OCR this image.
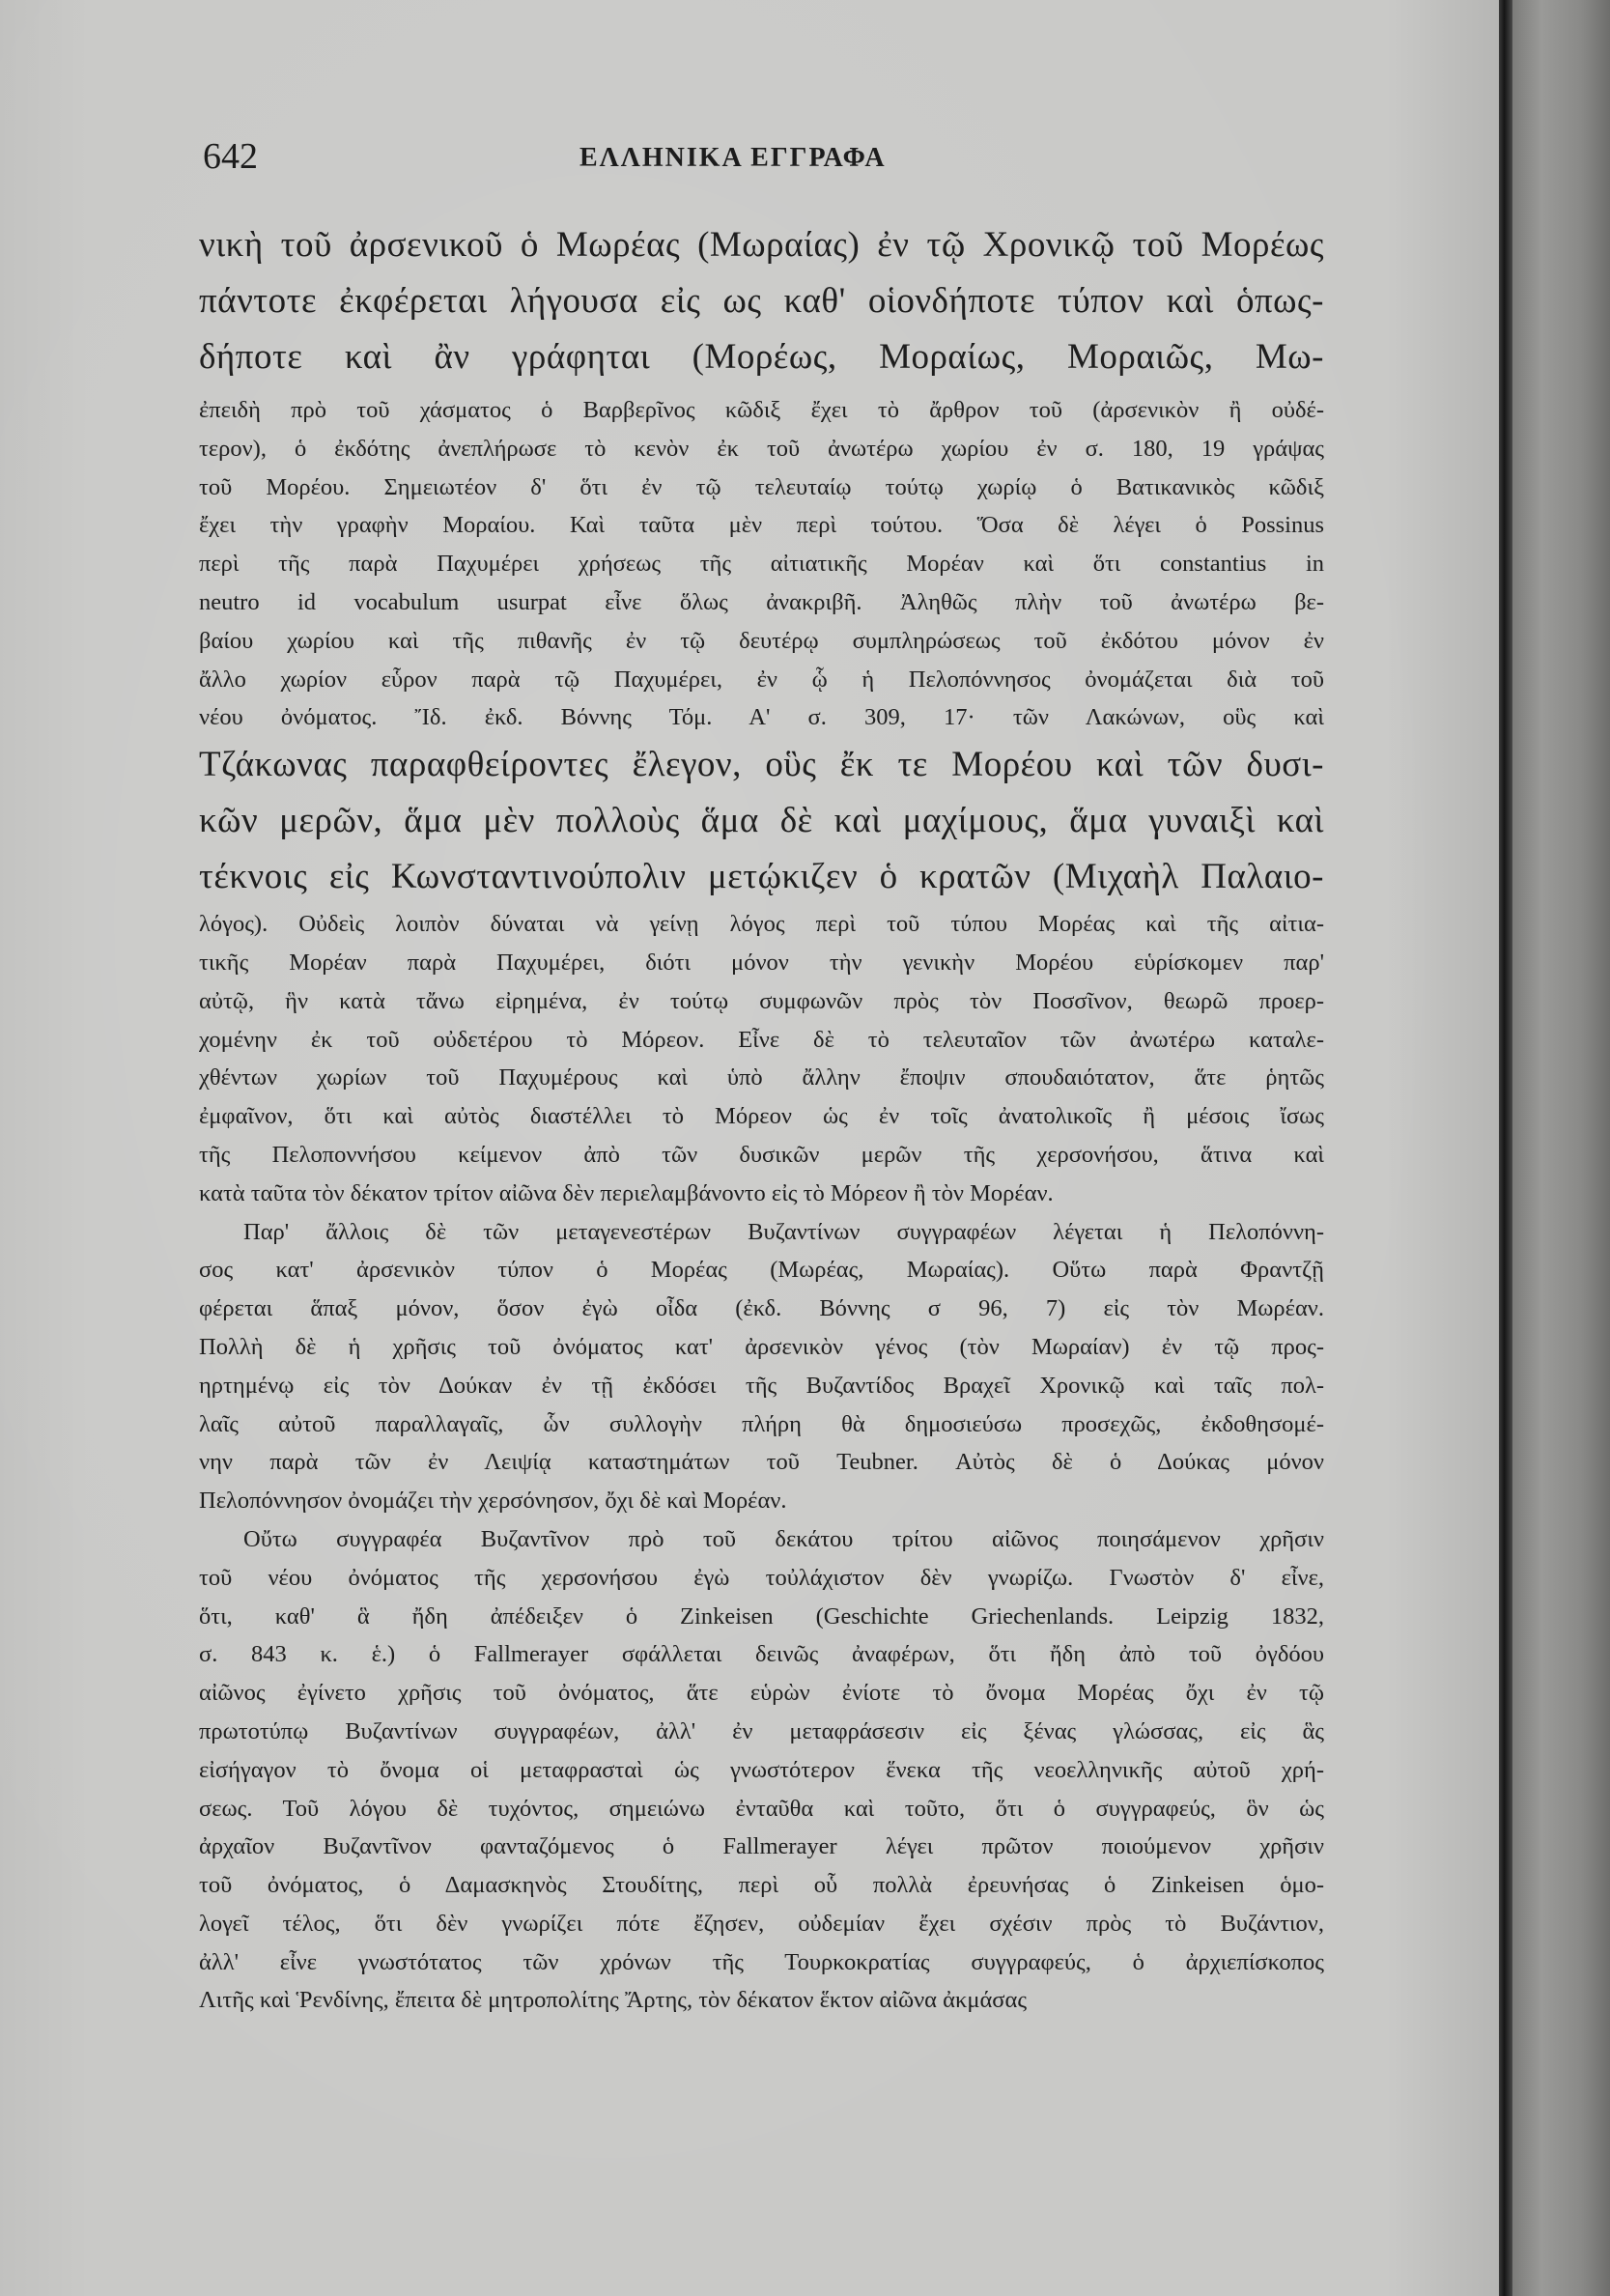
642	ΕΛΛΗΝΙΚΑ ΕΓΓΡΑΦΑ
νικὴ τοῦ ἀρσενικοῦ ὁ Μωρέας (Μωραίας) ἐν τῷ Χρονικῷ τοῦ Μορέως
πάντοτε ἐκφέρεται λήγουσα εἰς ως καθ' οἱονδήποτε τύπον καὶ ὁπως-
δήποτε καὶ ἂν γράφηται (Μορέως, Μοραίως, Μοραιῶς, Μω-
ἐπειδὴ πρὸ τοῦ χάσματος ὁ Βαρβερῖνος κῶδιξ ἔχει τὸ ἄρθρον τοῦ (ἀρσενικὸν ἢ οὐδέ-
τερον), ὁ ἐκδότης ἀνεπλήρωσε τὸ κενὸν ἐκ τοῦ ἀνωτέρω χωρίου ἐν σ. 180, 19 γράψας
τοῦ Μορέου. Σημειωτέον δ' ὅτι ἐν τῷ τελευταίῳ τούτῳ χωρίῳ ὁ Βατικανικὸς κῶδιξ
ἔχει τὴν γραφὴν Μοραίου. Καὶ ταῦτα μὲν περὶ τούτου. Ὅσα δὲ λέγει ὁ Possinus
περὶ τῆς παρὰ Παχυμέρει χρήσεως τῆς αἰτιατικῆς Μορέαν καὶ ὅτι constantius in
neutro id vocabulum usurpat εἶνε ὅλως ἀνακριβῆ. Ἀληθῶς πλὴν τοῦ ἀνωτέρω βε-
βαίου χωρίου καὶ τῆς πιθανῆς ἐν τῷ δευτέρῳ συμπληρώσεως τοῦ ἐκδότου μόνον ἐν
ἄλλο χωρίον εὗρον παρὰ τῷ Παχυμέρει, ἐν ᾧ ἡ Πελοπόννησος ὀνομάζεται διὰ τοῦ
νέου ὀνόματος. Ἴδ. ἐκδ. Βόννης Τόμ. Α' σ. 309, 17· τῶν Λακώνων, οὓς καὶ
Τζάκωνας παραφθείροντες ἔλεγον, οὓς ἔκ τε Μορέου καὶ τῶν δυσι-
κῶν μερῶν, ἅμα μὲν πολλοὺς ἅμα δὲ καὶ μαχίμους, ἅμα γυναιξὶ καὶ
τέκνοις εἰς Κωνσταντινούπολιν μετῴκιζεν ὁ κρατῶν (Μιχαὴλ Παλαιο-
λόγος). Οὐδεὶς λοιπὸν δύναται νὰ γείνῃ λόγος περὶ τοῦ τύπου Μορέας καὶ τῆς αἰτια-
τικῆς Μορέαν παρὰ Παχυμέρει, διότι μόνον τὴν γενικὴν Μορέου εὑρίσκομεν παρ'
αὐτῷ, ἣν κατὰ τἄνω εἰρημένα, ἐν τούτῳ συμφωνῶν πρὸς τὸν Ποσσῖνον, θεωρῶ προερ-
χομένην ἐκ τοῦ οὐδετέρου τὸ Μόρεον. Εἶνε δὲ τὸ τελευταῖον τῶν ἀνωτέρω καταλε-
χθέντων χωρίων τοῦ Παχυμέρους καὶ ὑπὸ ἄλλην ἔποψιν σπουδαιότατον, ἅτε ῥητῶς
ἐμφαῖνον, ὅτι καὶ αὐτὸς διαστέλλει τὸ Μόρεον ὡς ἐν τοῖς ἀνατολικοῖς ἢ μέσοις ἴσως
τῆς Πελοποννήσου κείμενον ἀπὸ τῶν δυσικῶν μερῶν τῆς χερσονήσου, ἅτινα καὶ
κατὰ ταῦτα τὸν δέκατον τρίτον αἰῶνα δὲν περιελαμβάνοντο εἰς τὸ Μόρεον ἢ τὸν Μορέαν.
Παρ' ἄλλοις δὲ τῶν μεταγενεστέρων Βυζαντίνων συγγραφέων λέγεται ἡ Πελοπόννη-
σος κατ' ἀρσενικὸν τύπον ὁ Μορέας (Μωρέας, Μωραίας). Οὕτω παρὰ Φραντζῇ
φέρεται ἅπαξ μόνον, ὅσον ἐγὼ οἶδα (ἐκδ. Βόννης σ 96, 7) εἰς τὸν Μωρέαν.
Πολλὴ δὲ ἡ χρῆσις τοῦ ὀνόματος κατ' ἀρσενικὸν γένος (τὸν Μωραίαν) ἐν τῷ προς-
ηρτημένῳ εἰς τὸν Δούκαν ἐν τῇ ἐκδόσει τῆς Βυζαντίδος Βραχεῖ Χρονικῷ καὶ ταῖς πολ-
λαῖς αὐτοῦ παραλλαγαῖς, ὧν συλλογὴν πλήρη θὰ δημοσιεύσω προσεχῶς, ἐκδοθησομέ-
νην παρὰ τῶν ἐν Λειψίᾳ καταστημάτων τοῦ Teubner. Αὐτὸς δὲ ὁ Δούκας μόνον
Πελοπόννησον ὀνομάζει τὴν χερσόνησον, ὄχι δὲ καὶ Μορέαν.
Οὔτω συγγραφέα Βυζαντῖνον πρὸ τοῦ δεκάτου τρίτου αἰῶνος ποιησάμενον χρῆσιν
τοῦ νέου ὀνόματος τῆς χερσονήσου ἐγὼ τοὐλάχιστον δὲν γνωρίζω. Γνωστὸν δ' εἶνε,
ὅτι, καθ' ἃ ἤδη ἀπέδειξεν ὁ Zinkeisen (Geschichte Griechenlands. Leipzig 1832,
σ. 843 κ. ἑ.) ὁ Fallmerayer σφάλλεται δεινῶς ἀναφέρων, ὅτι ἤδη ἀπὸ τοῦ ὀγδόου
αἰῶνος ἐγίνετο χρῆσις τοῦ ὀνόματος, ἅτε εὑρὼν ἐνίοτε τὸ ὄνομα Μορέας ὄχι ἐν τῷ
πρωτοτύπῳ Βυζαντίνων συγγραφέων, ἀλλ' ἐν μεταφράσεσιν εἰς ξένας γλώσσας, εἰς ἃς
εἰσήγαγον τὸ ὄνομα οἱ μεταφρασταὶ ὡς γνωστότερον ἕνεκα τῆς νεοελληνικῆς αὐτοῦ χρή-
σεως. Τοῦ λόγου δὲ τυχόντος, σημειώνω ἐνταῦθα καὶ τοῦτο, ὅτι ὁ συγγραφεύς, ὃν ὡς
ἀρχαῖον Βυζαντῖνον φανταζόμενος ὁ Fallmerayer λέγει πρῶτον ποιούμενον χρῆσιν
τοῦ ὀνόματος, ὁ Δαμασκηνὸς Στουδίτης, περὶ οὗ πολλὰ ἐρευνήσας ὁ Zinkeisen ὁμο-
λογεῖ τέλος, ὅτι δὲν γνωρίζει πότε ἔζησεν, οὐδεμίαν ἔχει σχέσιν πρὸς τὸ Βυζάντιον,
ἀλλ' εἶνε γνωστότατος τῶν χρόνων τῆς Τουρκοκρατίας συγγραφεύς, ὁ ἀρχιεπίσκοπος
Λιτῆς καὶ Ῥενδίνης, ἔπειτα δὲ μητροπολίτης Ἄρτης, τὸν δέκατον ἕκτον αἰῶνα ἀκμάσας
